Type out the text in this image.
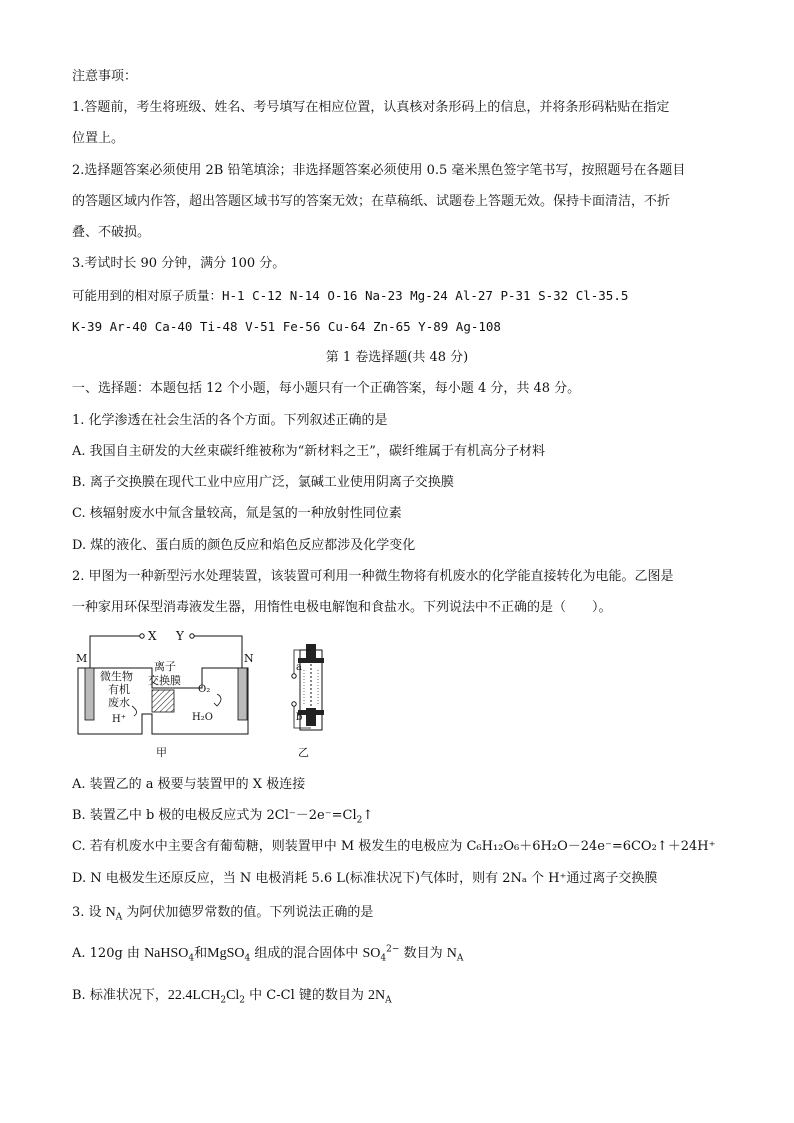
注意事项：
1.答题前，考生将班级、姓名、考号填写在相应位置，认真核对条形码上的信息，并将条形码粘贴在指定
位置上。
2.选择题答案必须使用 2B 铅笔填涂；非选择题答案必须使用 0.5 毫米黑色签字笔书写，按照题号在各题目
的答题区域内作答，超出答题区域书写的答案无效；在草稿纸、试题卷上答题无效。保持卡面清洁，不折
叠、不破损。
3.考试时长 90 分钟，满分 100 分。
可能用到的相对原子质量：H-1 C-12 N-14 O-16 Na-23 Mg-24 Al-27 P-31 S-32 Cl-35.5
K-39 Ar-40 Ca-40 Ti-48 V-51 Fe-56 Cu-64 Zn-65 Y-89 Ag-108
第 1 卷选择题(共 48 分)
一、选择题：本题包括 12 个小题，每小题只有一个正确答案，每小题 4 分，共 48 分。
1. 化学渗透在社会生活的各个方面。下列叙述正确的是
A. 我国自主研发的大丝束碳纤维被称为“新材料之王”，碳纤维属于有机高分子材料
B. 离子交换膜在现代工业中应用广泛，氯碱工业使用阴离子交换膜
C. 核辐射废水中氚含量较高，氚是氢的一种放射性同位素
D. 煤的液化、蛋白质的颜色反应和焰色反应都涉及化学变化
2. 甲图为一种新型污水处理装置，该装置可利用一种微生物将有机废水的化学能直接转化为电能。乙图是
一种家用环保型消毒液发生器，用惰性电极电解饱和食盐水。下列说法中不正确的是（　　）。
X Y
M	N
离子
交换膜
微生物
有机
废水
H⁺
O₂
H₂O
甲
a
b
乙
A. 装置乙的 a 极要与装置甲的 X 极连接
B. 装置乙中 b 极的电极反应式为 $2Cl^--2e^-=Cl_2↑$
C. 若有机废水中主要含有葡萄糖，则装置甲中 M 极发生的电极应为 C₆H₁₂O₆＋6H₂O－24e⁻=6CO₂↑＋24H⁺
D. N 电极发生还原反应，当 N 电极消耗 5.6 L(标准状况下)气体时，则有 2Nₐ 个 H⁺通过离子交换膜
3. 设 $N_A$ 为阿伏加德罗常数的值。下列说法正确的是
A. 120g 由 NaHSO$_4$和MgSO$_4$ 组成的混合固体中 $SO_4^{2-}$ 数目为 $N_A$
B. 标准状况下，$22.4LCH_2Cl_2$ 中 C-Cl 键的数目为 $2N_A$
